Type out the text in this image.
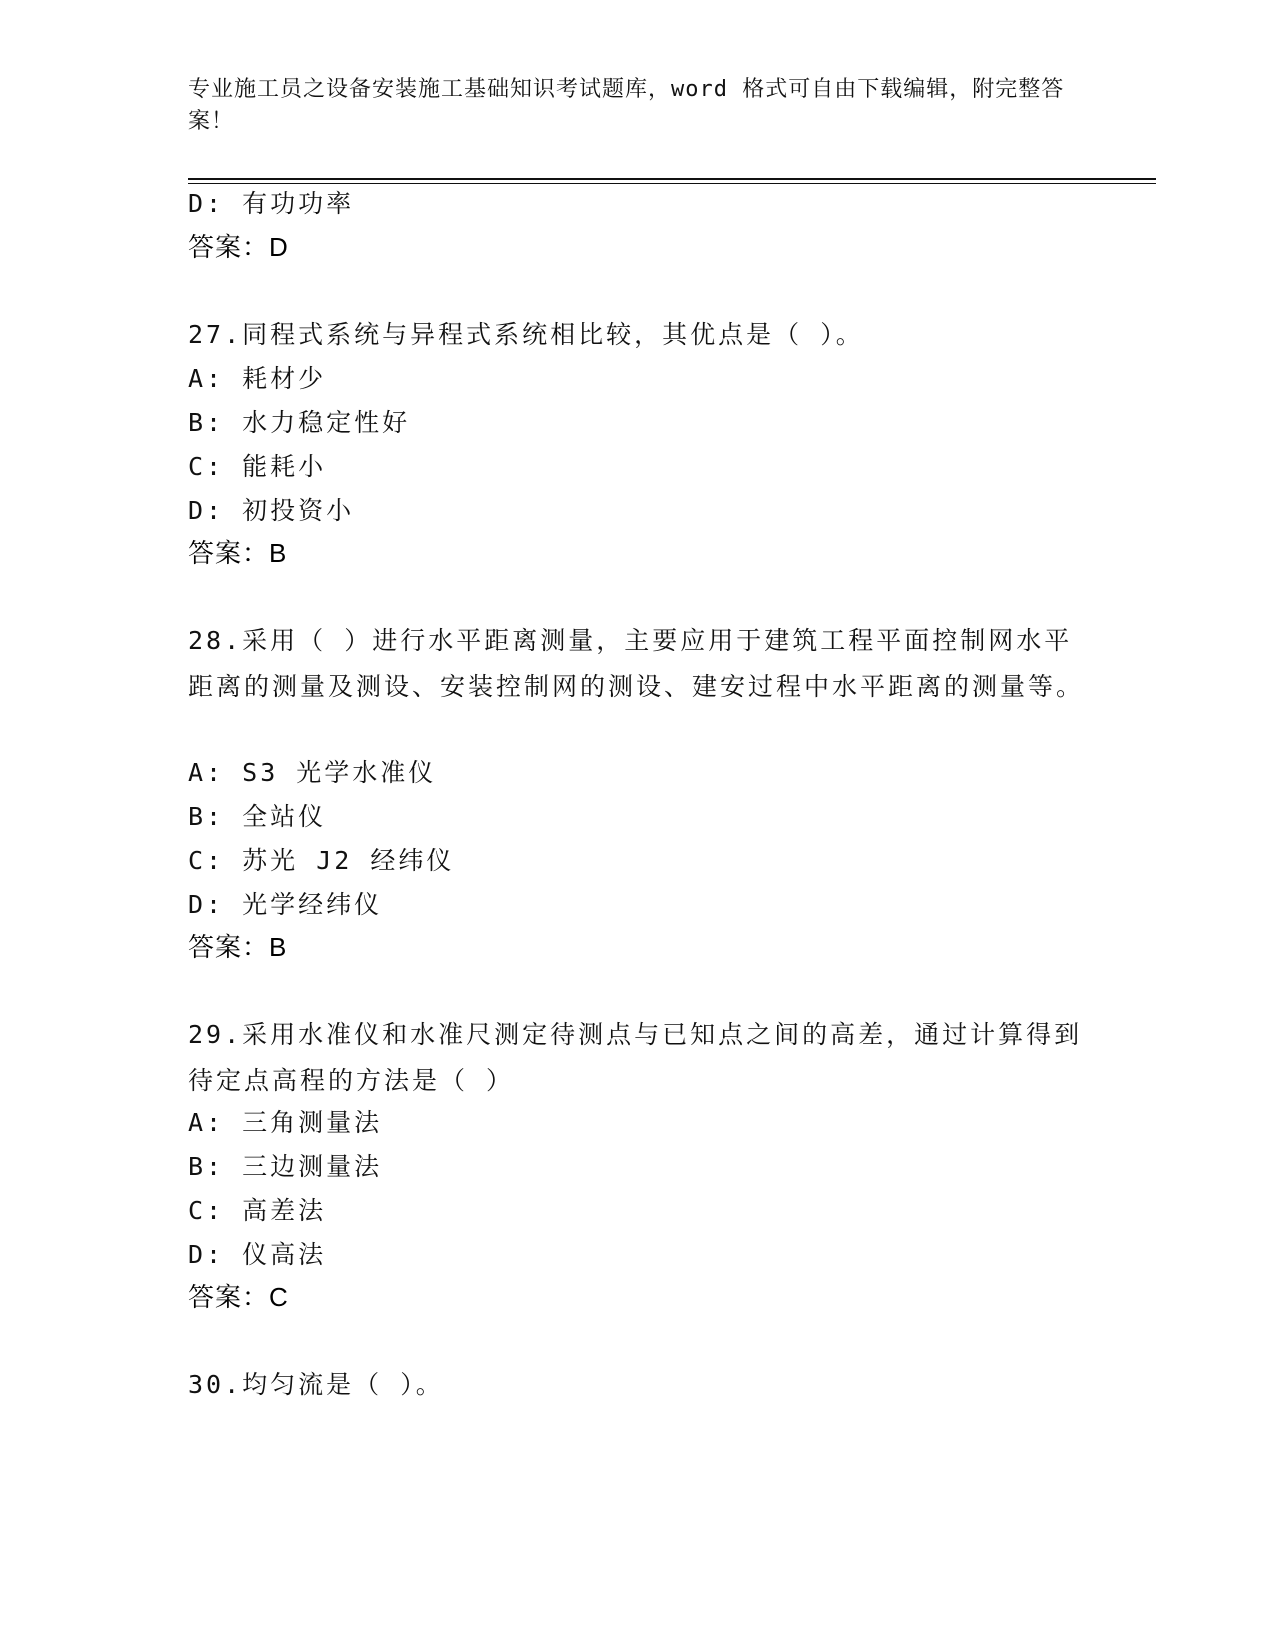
专业施工员之设备安装施工基础知识考试题库，word 格式可自由下载编辑，附完整答案！

D: 有功功率

答案：D

27.同程式系统与异程式系统相比较，其优点是（ ）。

A: 耗材少

B: 水力稳定性好

C: 能耗小

D: 初投资小

答案：B

28.采用（ ）进行水平距离测量，主要应用于建筑工程平面控制网水平距离的测量及测设、安装控制网的测设、建安过程中水平距离的测量等。

A: S3 光学水准仪

B: 全站仪

C: 苏光 J2 经纬仪

D: 光学经纬仪

答案：B

29.采用水准仪和水准尺测定待测点与已知点之间的高差，通过计算得到待定点高程的方法是（ ）

A: 三角测量法

B: 三边测量法

C: 高差法

D: 仪高法

答案：C

30.均匀流是（ ）。
